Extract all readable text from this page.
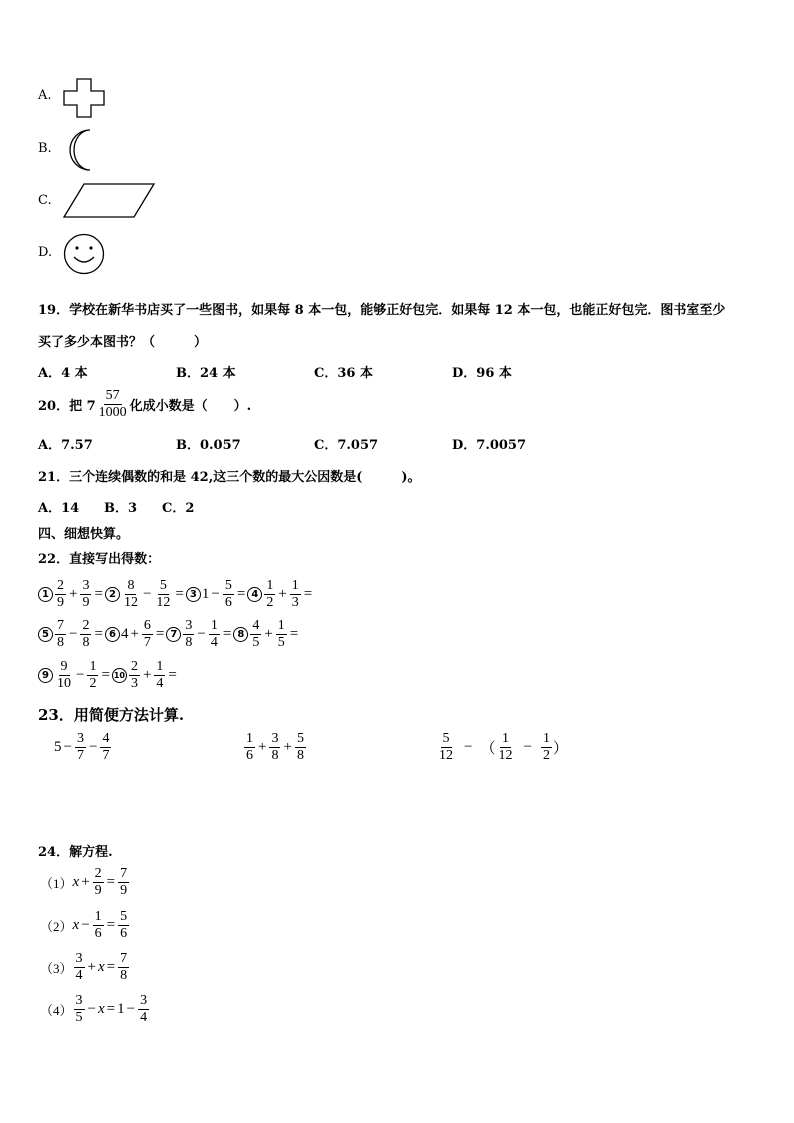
A.
B.
C.
D.
19．学校在新华书店买了一些图书，如果每 8 本一包，能够正好包完．如果每 12 本一包，也能正好包完．图书室至少
买了多少本图书？（　　　）
A．4 本	B．24 本	C．36 本	D．96 本
20．把 $7 \frac{57}{1000}$ 化成小数是（　　）.
A．7.57	B．0.057	C．7.057	D．7.0057
21．三个连续偶数的和是 42,这三个数的最大公因数是(　　　)。
A．14 B．3 C．2
四、细想快算。
22．直接写出得数：
$1 \frac{2}{9} + \frac{3}{9} = 2 \frac{8}{12} - \frac{5}{12} = 3$ $1 - \frac{5}{6} = 4 \frac{1}{2} + \frac{1}{3}$ =
$5 \frac{7}{8} - \frac{2}{8} = 6$ $4 + \frac{6}{7} = 7 \frac{3}{8} - \frac{1}{4} = 8 \frac{4}{5} + \frac{1}{5}$ =
$9 \frac{9}{10} - \frac{1}{2} = 10 \frac{2}{3} + \frac{1}{4}$ =
23．用简便方法计算.
$5 - \frac{3}{7} - \frac{4}{7}$	$\frac{1}{6} + \frac{3}{8} + \frac{5}{8}$	$\frac{5}{12}$ − （ $\frac{1}{12} - \frac{1}{2}$ ）
24．解方程.
（1） $x + \frac{2}{9} = \frac{7}{9}$
（2） $x - \frac{1}{6} = \frac{5}{6}$
$(3) \frac{3}{4} + x = \frac{7}{8}$
$(4) \frac{3}{5} - x = 1 - \frac{3}{4}$
